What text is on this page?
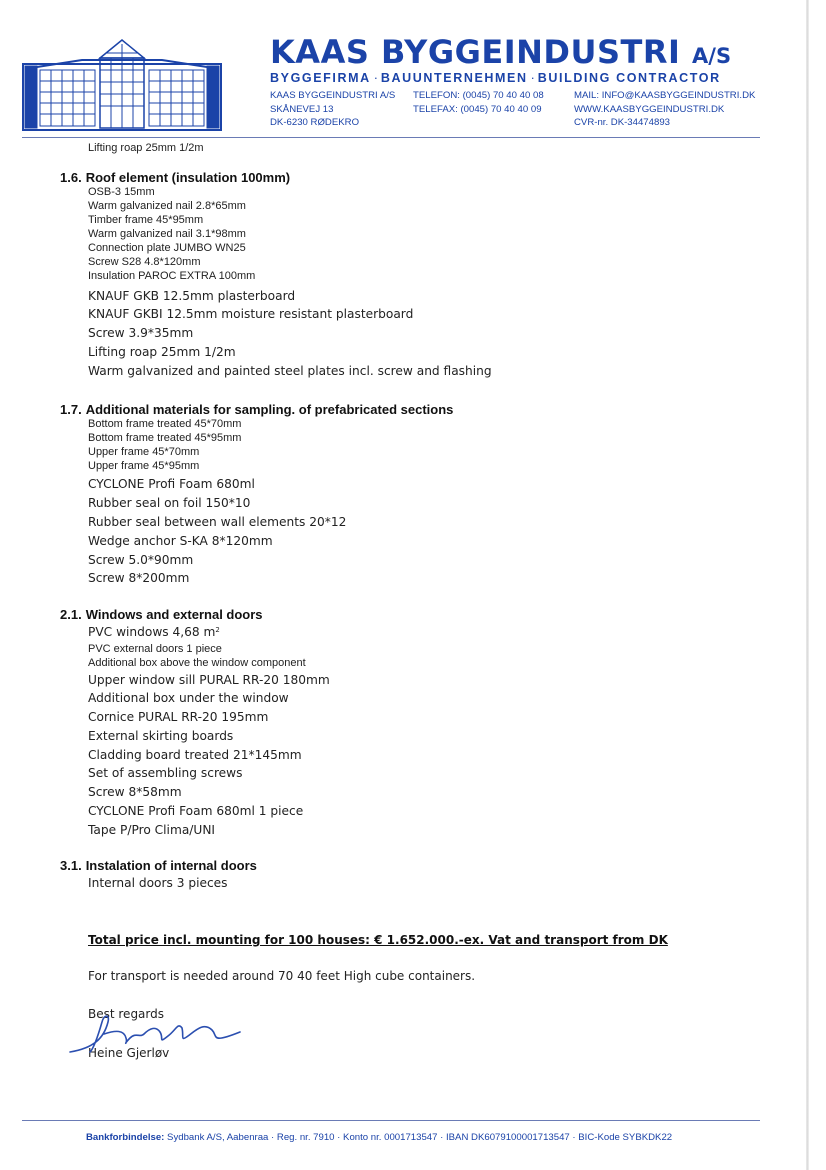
KAAS BYGGEINDUSTRI A/S
BYGGEFIRMA · BAUUNTERNEHMEN · BUILDING CONTRACTOR
KAAS BYGGEINDUSTRI A/S
SKÅNEVEJ 13
DK-6230 RØDEKRO
TELEFON: (0045) 70 40 40 08
TELEFAX: (0045) 70 40 40 09
MAIL: INFO@KAASBYGGEINDUSTRI.DK
WWW.KAASBYGGEINDUSTRI.DK
CVR-nr. DK-34474893
Lifting roap 25mm 1/2m
1.6. Roof element (insulation 100mm)
OSB-3 15mm
Warm galvanized nail 2.8*65mm
Timber frame 45*95mm
Warm galvanized nail 3.1*98mm
Connection plate JUMBO WN25
Screw S28 4.8*120mm
Insulation PAROC EXTRA 100mm
KNAUF GKB 12.5mm plasterboard
KNAUF GKBI 12.5mm moisture resistant plasterboard
Screw 3.9*35mm
Lifting roap 25mm 1/2m
Warm galvanized and painted steel plates incl. screw and flashing
1.7. Additional materials for sampling. of prefabricated sections
Bottom frame treated 45*70mm
Bottom frame treated 45*95mm
Upper frame 45*70mm
Upper frame 45*95mm
CYCLONE Profi Foam 680ml
Rubber seal on foil 150*10
Rubber seal between wall elements 20*12
Wedge anchor S-KA 8*120mm
Screw 5.0*90mm
Screw 8*200mm
2.1. Windows and external doors
PVC windows 4,68 $m^2$
PVC external doors 1 piece
Additional box above the window component
Upper window sill PURAL RR-20 180mm
Additional box under the window
Cornice PURAL RR-20 195mm
External skirting boards
Cladding board treated 21*145mm
Set of assembling screws
Screw 8*58mm
CYCLONE Profi Foam 680ml 1 piece
Tape P/Pro Clima/UNI
3.1. Instalation of internal doors
Internal doors 3 pieces
Total price incl. mounting for 100 houses: € 1.652.000.-ex. Vat and transport from DK
For transport is needed around 70 40 feet High cube containers.
Best regards
Heine Gjerløv
Bankforbindelse: Sydbank A/S, Aabenraa · Reg. nr. 7910 · Konto nr. 0001713547 · IBAN DK6079100001713547 · BIC-Kode SYBKDK22
